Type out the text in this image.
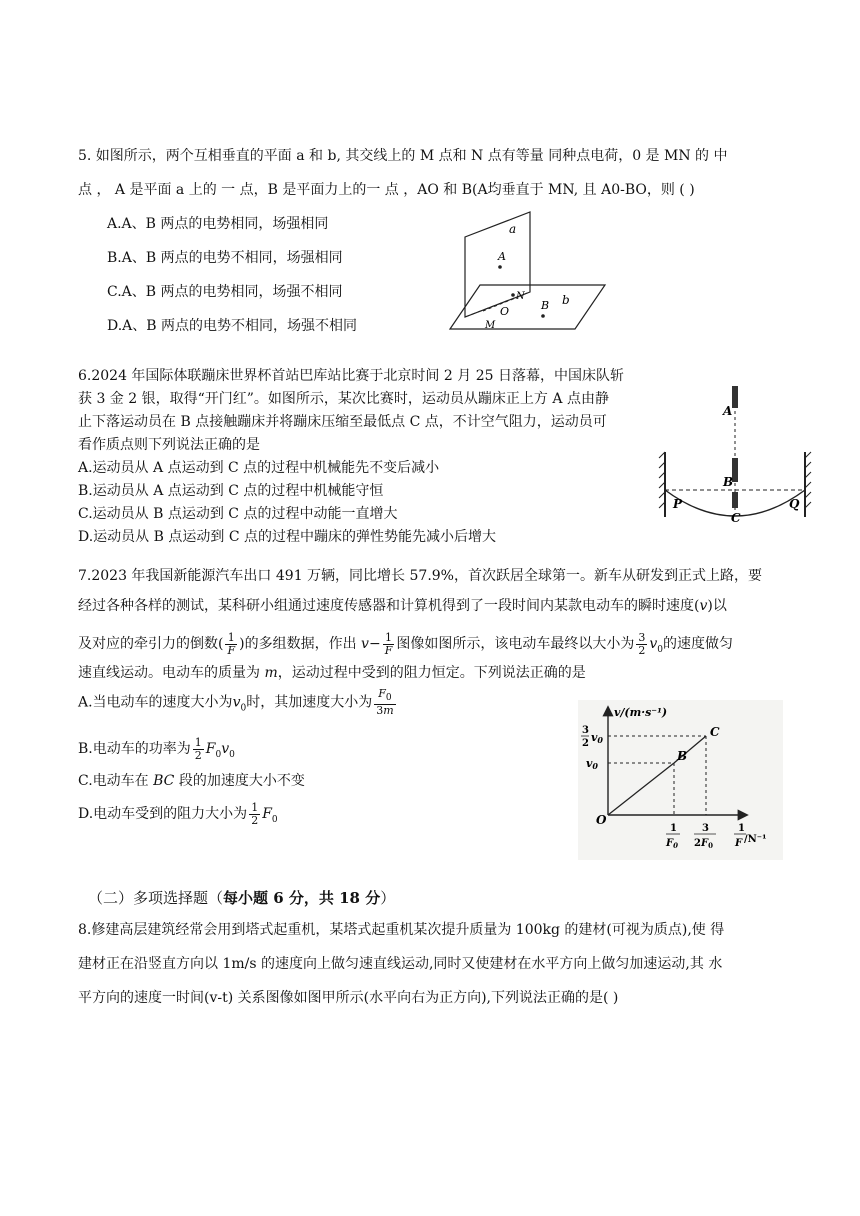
5. 如图所示，两个互相垂直的平面 a 和 b, 其交线上的 M 点和 N 点有等量 同种点电荷，0 是 MN 的 中
点 ， A 是平面 a 上的 一 点，B 是平面力上的一 点 ，AO 和 B(A均垂直于 MN, 且 A0-BO，则 ( )
A.A、B 两点的电势相同，场强相同
B.A、B 两点的电势不相同，场强相同
C.A、B 两点的电势相同，场强不相同
D.A、B 两点的电势不相同，场强不相同
a
A
N
B b
O
M
6.2024 年国际体联蹦床世界杯首站巴库站比赛于北京时间 2 月 25 日落幕，中国床队斩
获 3 金 2 银，取得“开门红”。如图所示，某次比赛时，运动员从蹦床正上方 A 点由静
止下落运动员在 B 点接触蹦床并将蹦床压缩至最低点 C 点，不计空气阻力，运动员可
看作质点则下列说法正确的是
A.运动员从 A 点运动到 C 点的过程中机械能先不变后减小
B.运动员从 A 点运动到 C 点的过程中机械能守恒
C.运动员从 B 点运动到 C 点的过程中动能一直增大
D.运动员从 B 点运动到 C 点的过程中蹦床的弹性势能先减小后增大
A
B
C
P	Q
7.2023 年我国新能源汽车出口 491 万辆，同比增长 57.9%，首次跃居全球第一。新车从研发到正式上路，要
经过各种各样的测试，某科研小组通过速度传感器和计算机得到了一段时间内某款电动车的瞬时速度(v)以
及对应的牵引力的倒数( $\frac{1}{F}$ )的多组数据，作出 $v- \frac{1}{F}$ 图像如图所示，该电动车最终以大小为 $\frac{3}{2} v_0$的速度做匀
速直线运动。电动车的质量为 m，运动过程中受到的阻力恒定。下列说法正确的是
A.当电动车的速度大小为$v_0$时，其加速度大小为 $\frac{F_0}{3m}$
B.电动车的功率为 $\frac{1}{2} F_0v_0$
C.电动车在 BC 段的加速度大小不变
D.电动车受到的阻力大小为 $\frac{1}{2} F_0$
v/(m·s⁻¹)
3
2 v0
v0
O
B
C
1
$F_0$
3
$2F_0$
1
F /N⁻¹
（二）多项选择题（每小题 6 分，共 18 分）
8.修建高层建筑经常会用到塔式起重机，某塔式起重机某次提升质量为 100kg 的建材(可视为质点),使 得
建材正在沿竖直方向以 1m/s 的速度向上做匀速直线运动,同时又使建材在水平方向上做匀加速运动,其 水
平方向的速度一时间(v-t) 关系图像如图甲所示(水平向右为正方向),下列说法正确的是( )
